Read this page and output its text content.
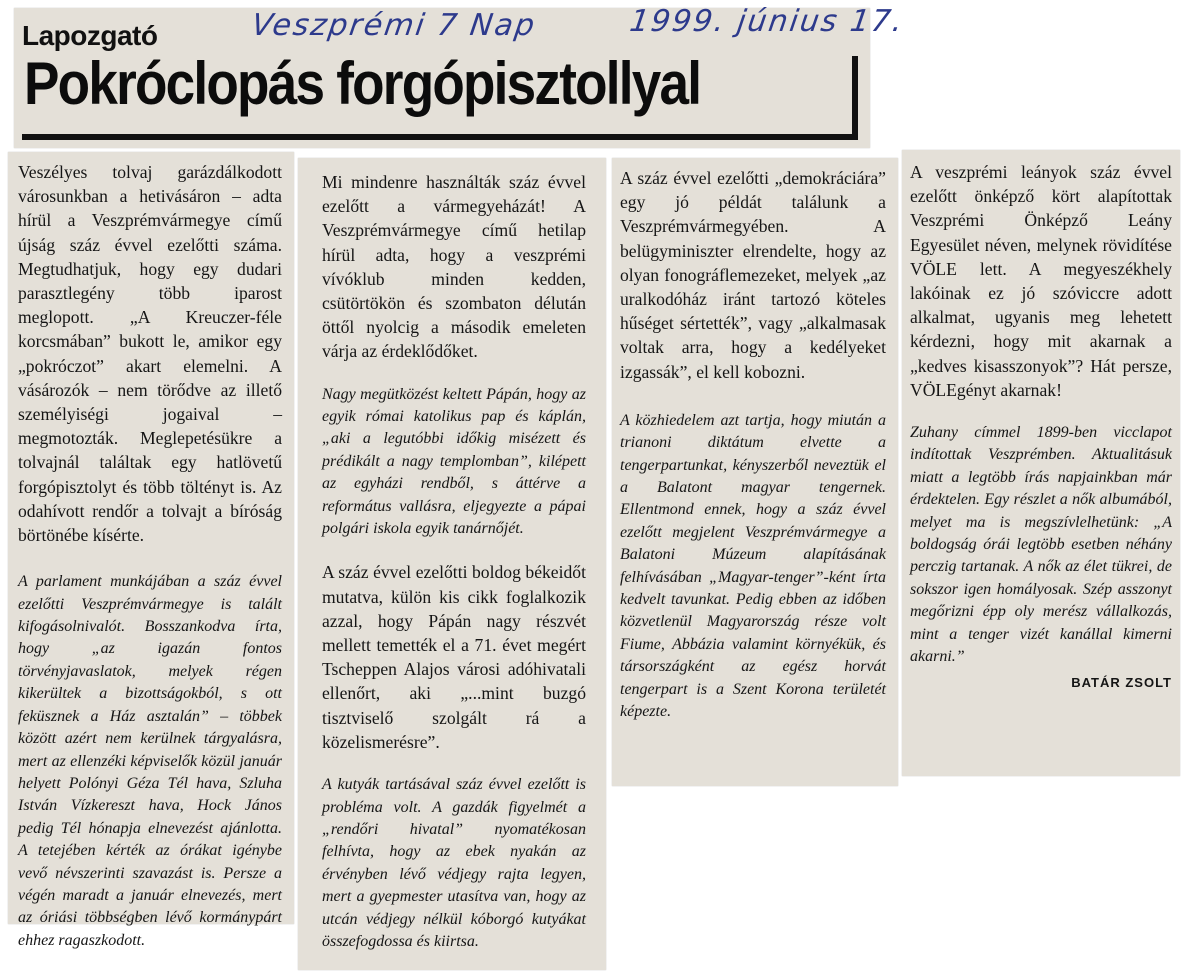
Veszprémi 7 Nap	1999. június 17.
Lapozgató
Pokróclopás forgópisztollyal

Veszélyes tolvaj garázdálkodott városunkban a hetivásáron – adta hírül a Veszprémvármegye című újság száz évvel ezelőtti száma. Megtudhatjuk, hogy egy dudari parasztlegény több iparost meglopott. „A Kreuczer-féle korcsmában” bukott le, amikor egy „pokróczot” akart elemelni. A vásározók – nem törődve az illető személyiségi jogaival – megmotozták. Meglepetésükre a tolvajnál találtak egy hatlövetű forgópisztolyt és több töltényt is. Az odahívott rendőr a tolvajt a bíróság börtönébe kísérte.

A parlament munkájában a száz évvel ezelőtti Veszprémvármegye is talált kifogásolnivalót. Bosszankodva írta, hogy „az igazán fontos törvényjavaslatok, melyek régen kikerültek a bizottságokból, s ott feküsznek a Ház asztalán” – többek között azért nem kerülnek tárgyalásra, mert az ellenzéki képviselők közül január helyett Polónyi Géza Tél hava, Szluha István Vízkereszt hava, Hock János pedig Tél hónapja elnevezést ajánlotta. A tetejében kérték az órákat igénybe vevő névszerinti szavazást is. Persze a végén maradt a január elnevezés, mert az óriási többségben lévő kormánypárt ehhez ragaszkodott.

Mi mindenre használták száz évvel ezelőtt a vármegyeházát! A Veszprémvármegye című hetilap hírül adta, hogy a veszprémi vívóklub minden kedden, csütörtökön és szombaton délután öttől nyolcig a második emeleten várja az érdeklődőket.

Nagy megütközést keltett Pápán, hogy az egyik római katolikus pap és káplán, „aki a legutóbbi időkig misézett és prédikált a nagy templomban”, kilépett az egyházi rendből, s áttérve a református vallásra, eljegyezte a pápai polgári iskola egyik tanárnőjét.

A száz évvel ezelőtti boldog békeidőt mutatva, külön kis cikk foglalkozik azzal, hogy Pápán nagy részvét mellett temették el a 71. évet megért Tscheppen Alajos városi adóhivatali ellenőrt, aki „...mint buzgó tisztviselő szolgált rá a közelismerésre”.

A kutyák tartásával száz évvel ezelőtt is probléma volt. A gazdák figyelmét a „rendőri hivatal” nyomatékosan felhívta, hogy az ebek nyakán az érvényben lévő védjegy rajta legyen, mert a gyepmester utasítva van, hogy az utcán védjegy nélkül kóborgó kutyákat összefogdossa és kiirtsa.

A száz évvel ezelőtti „demokráciára” egy jó példát találunk a Veszprémvármegyében. A belügyminiszter elrendelte, hogy az olyan fonográflemezeket, melyek „az uralkodóház iránt tartozó köteles hűséget sértették”, vagy „alkalmasak voltak arra, hogy a kedélyeket izgassák”, el kell kobozni.

A közhiedelem azt tartja, hogy miután a trianoni diktátum elvette a tengerpartunkat, kényszerből neveztük el a Balatont magyar tengernek. Ellentmond ennek, hogy a száz évvel ezelőtt megjelent Veszprémvármegye a Balatoni Múzeum alapításának felhívásában „Magyar-tenger”-ként írta kedvelt tavunkat. Pedig ebben az időben közvetlenül Magyarország része volt Fiume, Abbázia valamint környékük, és társországként az egész horvát tengerpart is a Szent Korona területét képezte.

A veszprémi leányok száz évvel ezelőtt önképző kört alapítottak Veszprémi Önképző Leány Egyesület néven, melynek rövidítése VÖLE lett. A megyeszékhely lakóinak ez jó szóviccre adott alkalmat, ugyanis meg lehetett kérdezni, hogy mit akarnak a „kedves kisasszonyok”? Hát persze, VÖLEgényt akarnak!

Zuhany címmel 1899-ben vicclapot indítottak Veszprémben. Aktualitásuk miatt a legtöbb írás napjainkban már érdektelen. Egy részlet a nők albumából, melyet ma is megszívlelhetünk: „A boldogság órái legtöbb esetben néhány perczig tartanak. A nők az élet tükrei, de sokszor igen homályosak. Szép asszonyt megőrizni épp oly merész vállalkozás, mint a tenger vizét kanállal kimerni akarni.”

BATÁR ZSOLT
